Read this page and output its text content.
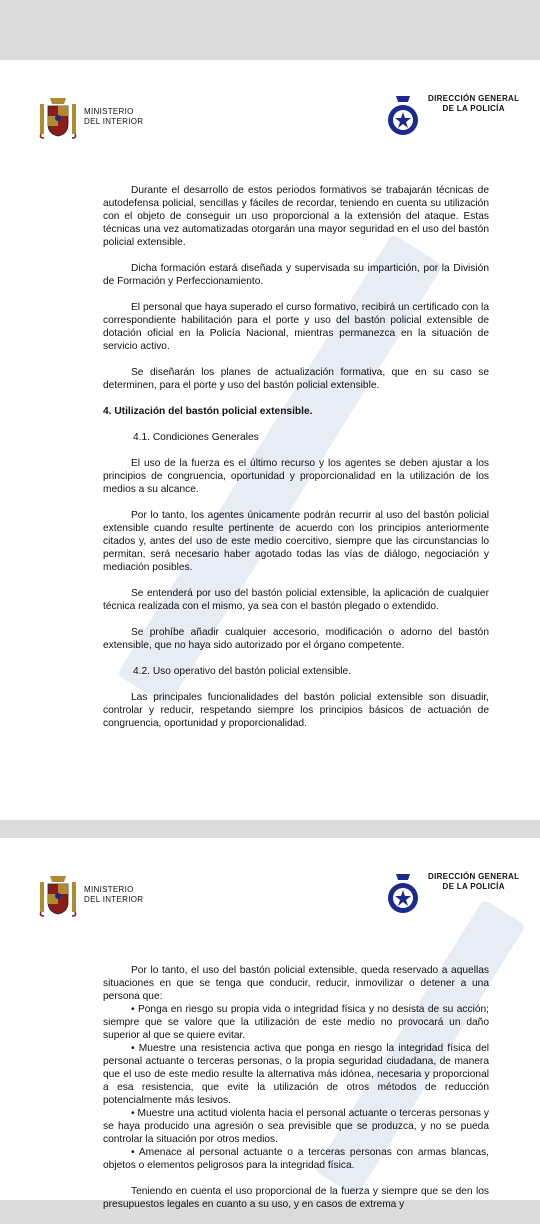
MINISTERIO
DEL INTERIOR
DIRECCIÓN GENERAL
DE LA POLICÍA

Durante el desarrollo de estos periodos formativos se trabajarán técnicas de autodefensa policial, sencillas y fáciles de recordar, teniendo en cuenta su utilización con el objeto de conseguir un uso proporcional a la extensión del ataque. Estas técnicas una vez automatizadas otorgarán una mayor seguridad en el uso del bastón policial extensible.

Dicha formación estará diseñada y supervisada su impartición, por la División de Formación y Perfeccionamiento.

El personal que haya superado el curso formativo, recibirá un certificado con la correspondiente habilitación para el porte y uso del bastón policial extensible de dotación oficial en la Policía Nacional, mientras permanezca en la situación de servicio activo.

Se diseñarán los planes de actualización formativa, que en su caso se determinen, para el porte y uso del bastón policial extensible.

4. Utilización del bastón policial extensible.

4.1. Condiciones Generales

El uso de la fuerza es el último recurso y los agentes se deben ajustar a los principios de congruencia, oportunidad y proporcionalidad en la utilización de los medios a su alcance.

Por lo tanto, los agentes únicamente podrán recurrir al uso del bastón policial extensible cuando resulte pertinente de acuerdo con los principios anteriormente citados y, antes del uso de este medio coercitivo, siempre que las circunstancias lo permitan, será necesario haber agotado todas las vías de diálogo, negociación y mediación posibles.

Se entenderá por uso del bastón policial extensible, la aplicación de cualquier técnica realizada con el mismo, ya sea con el bastón plegado o extendido.

Se prohíbe añadir cualquier accesorio, modificación o adorno del bastón extensible, que no haya sido autorizado por el órgano competente.

4.2. Uso operativo del bastón policial extensible.

Las principales funcionalidades del bastón policial extensible son disuadir, controlar y reducir, respetando siempre los principios básicos de actuación de congruencia, oportunidad y proporcionalidad.

MINISTERIO
DEL INTERIOR
DIRECCIÓN GENERAL
DE LA POLICÍA

Por lo tanto, el uso del bastón policial extensible, queda reservado a aquellas situaciones en que se tenga que conducir, reducir, inmovilizar o detener a una persona que:

• Ponga en riesgo su propia vida o integridad física y no desista de su acción; siempre que se valore que la utilización de este medio no provocará un daño superior al que se quiere evitar.

• Muestre una resistencia activa que ponga en riesgo la integridad física del personal actuante o terceras personas, o la propia seguridad ciudadana, de manera que el uso de este medio resulte la alternativa más idónea, necesaria y proporcional a esa resistencia, que evite la utilización de otros métodos de reducción potencialmente más lesivos.

• Muestre una actitud violenta hacia el personal actuante o terceras personas y se haya producido una agresión o sea previsible que se produzca, y no se pueda controlar la situación por otros medios.

• Amenace al personal actuante o a terceras personas con armas blancas, objetos o elementos peligrosos para la integridad física.

Teniendo en cuenta el uso proporcional de la fuerza y siempre que se den los presupuestos legales en cuanto a su uso, y en casos de extrema y
